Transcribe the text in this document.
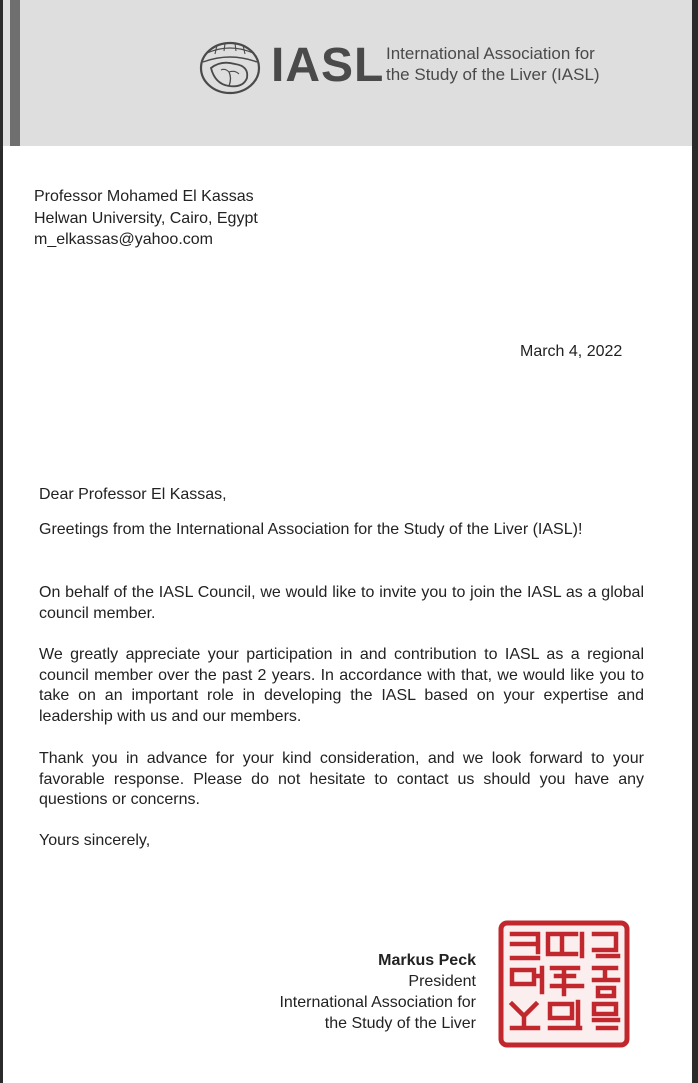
IASL International Association for
the Study of the Liver (IASL)
Professor Mohamed El Kassas
Helwan University, Cairo, Egypt
m_elkassas@yahoo.com
March 4, 2022
Dear Professor El Kassas,
Greetings from the International Association for the Study of the Liver (IASL)!
On behalf of the IASL Council, we would like to invite you to join the IASL as a global council member.
We greatly appreciate your participation in and contribution to IASL as a regional council member over the past 2 years. In accordance with that, we would like you to take on an important role in developing the IASL based on your expertise and leadership with us and our members.
Thank you in advance for your kind consideration, and we look forward to your favorable response. Please do not hesitate to contact us should you have any questions or concerns.
Yours sincerely,
Markus Peck
President
International Association for
the Study of the Liver
